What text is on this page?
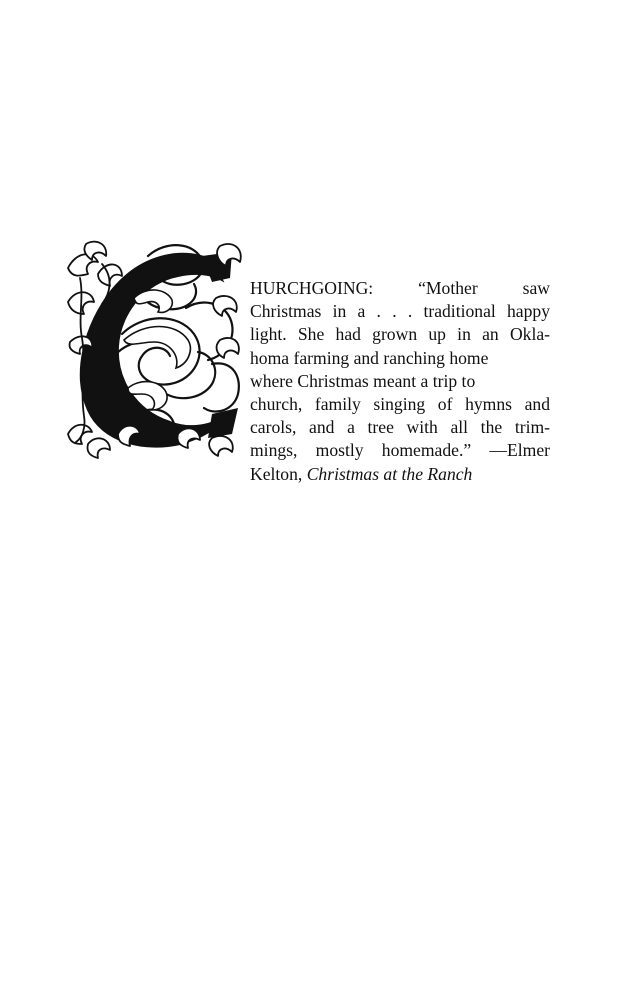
HURCHGOING: “Mother saw
Christmas in a . . . traditional happy
light. She had grown up in an Okla-
homa farming and ranching home
where Christmas meant a trip to
church, family singing of hymns and
carols, and a tree with all the trim-
mings, mostly homemade.” —Elmer
Kelton, Christmas at the Ranch
